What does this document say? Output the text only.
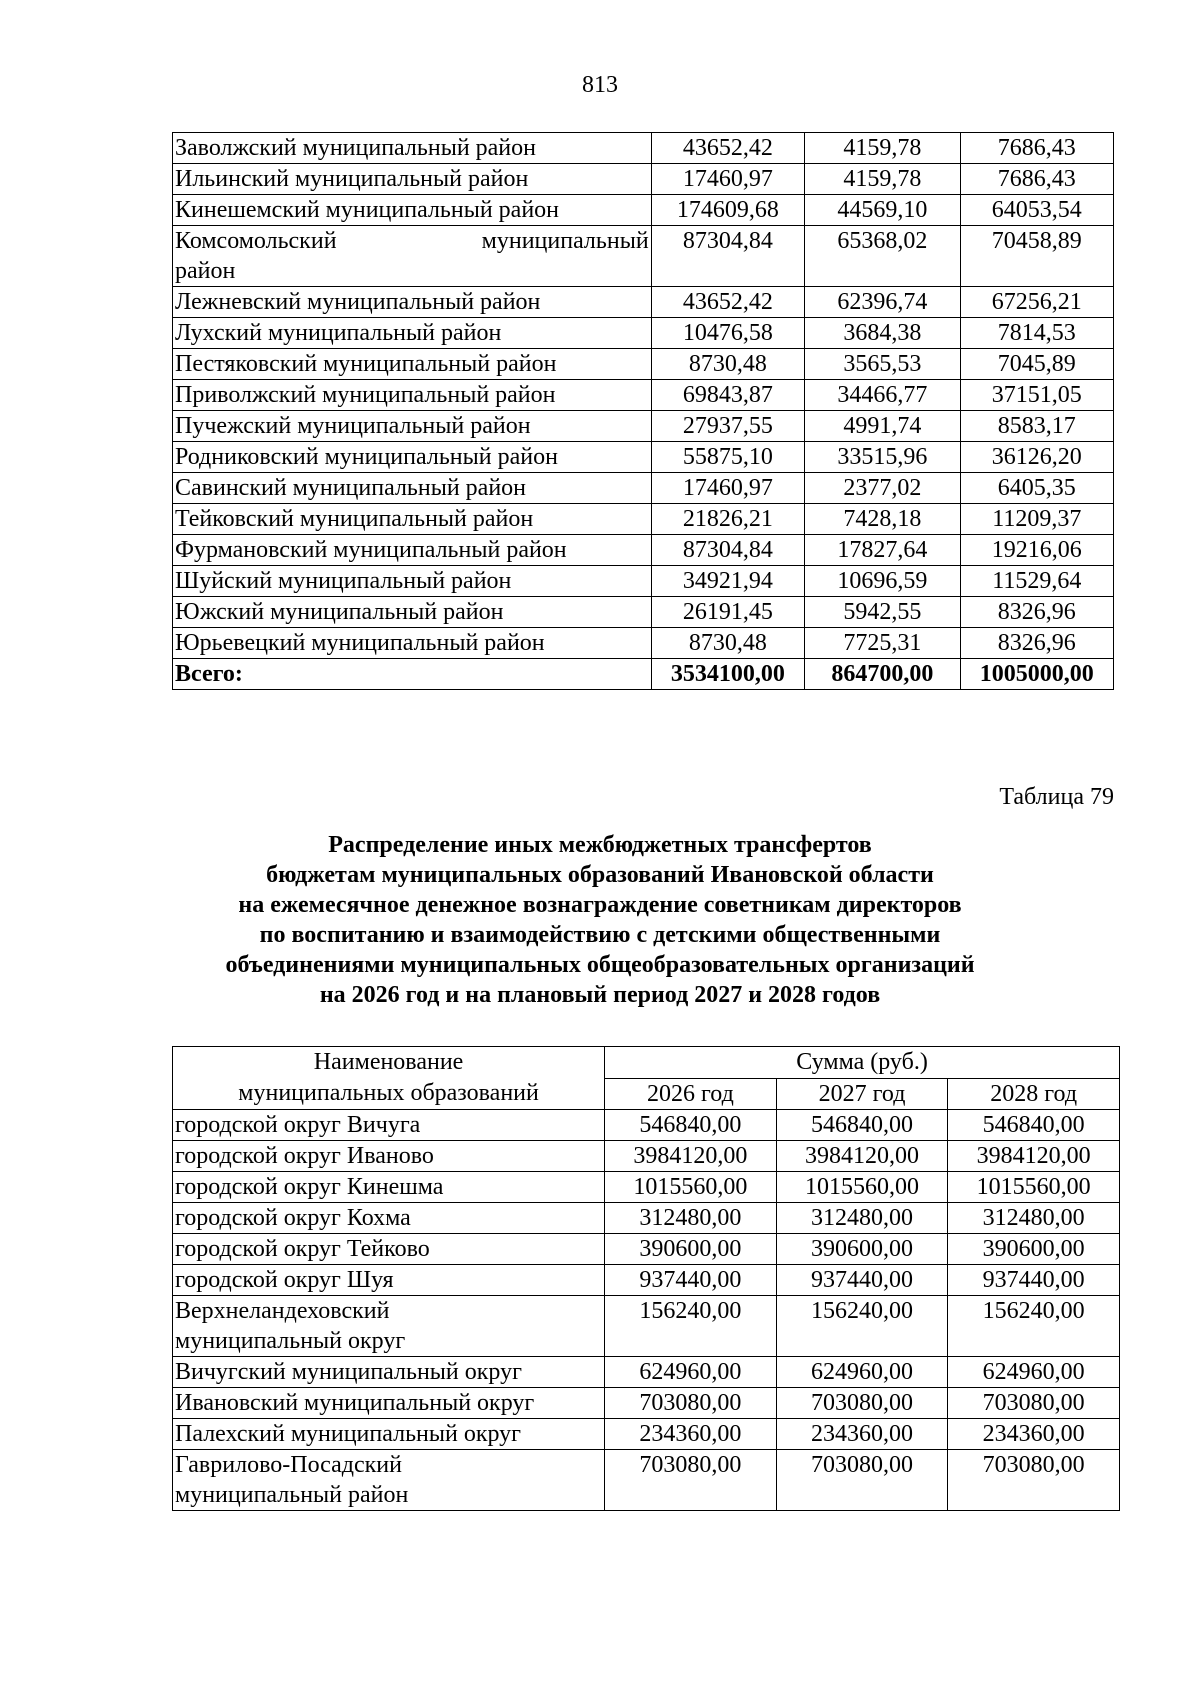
813
Заволжский муниципальный район	43652,42	4159,78	7686,43
Ильинский муниципальный район	17460,97	4159,78	7686,43
Кинешемский муниципальный район	174609,68	44569,10	64053,54

Комсомольский муниципальный
район	87304,84	65368,02	70458,89
Лежневский муниципальный район	43652,42	62396,74	67256,21
Лухский муниципальный район	10476,58	3684,38	7814,53
Пестяковский муниципальный район	8730,48	3565,53	7045,89
Приволжский муниципальный район	69843,87	34466,77	37151,05
Пучежский муниципальный район	27937,55	4991,74	8583,17
Родниковский муниципальный район	55875,10	33515,96	36126,20
Савинский муниципальный район	17460,97	2377,02	6405,35
Тейковский муниципальный район	21826,21	7428,18	11209,37
Фурмановский муниципальный район	87304,84	17827,64	19216,06
Шуйский муниципальный район	34921,94	10696,59	11529,64
Южский муниципальный район	26191,45	5942,55	8326,96
Юрьевецкий муниципальный район	8730,48	7725,31	8326,96
Всего:	3534100,00	864700,00	1005000,00
Таблица 79
Распределение иных межбюджетных трансфертов
бюджетам муниципальных образований Ивановской области
на ежемесячное денежное вознаграждение советникам директоров
по воспитанию и взаимодействию с детскими общественными
объединениями муниципальных общеобразовательных организаций
на 2026 год и на плановый период 2027 и 2028 годов
Наименование
муниципальных образований	Сумма (руб.)		
	2026 год	2027 год	2028 год
городской округ Вичуга	546840,00	546840,00	546840,00
городской округ Иваново	3984120,00	3984120,00	3984120,00
городской округ Кинешма	1015560,00	1015560,00	1015560,00
городской округ Кохма	312480,00	312480,00	312480,00
городской округ Тейково	390600,00	390600,00	390600,00
городской округ Шуя	937440,00	937440,00	937440,00
Верхнеландеховский
муниципальный округ	156240,00	156240,00	156240,00
Вичугский муниципальный округ	624960,00	624960,00	624960,00
Ивановский муниципальный округ	703080,00	703080,00	703080,00
Палехский муниципальный округ	234360,00	234360,00	234360,00
Гаврилово-Посадский
муниципальный район	703080,00	703080,00	703080,00
